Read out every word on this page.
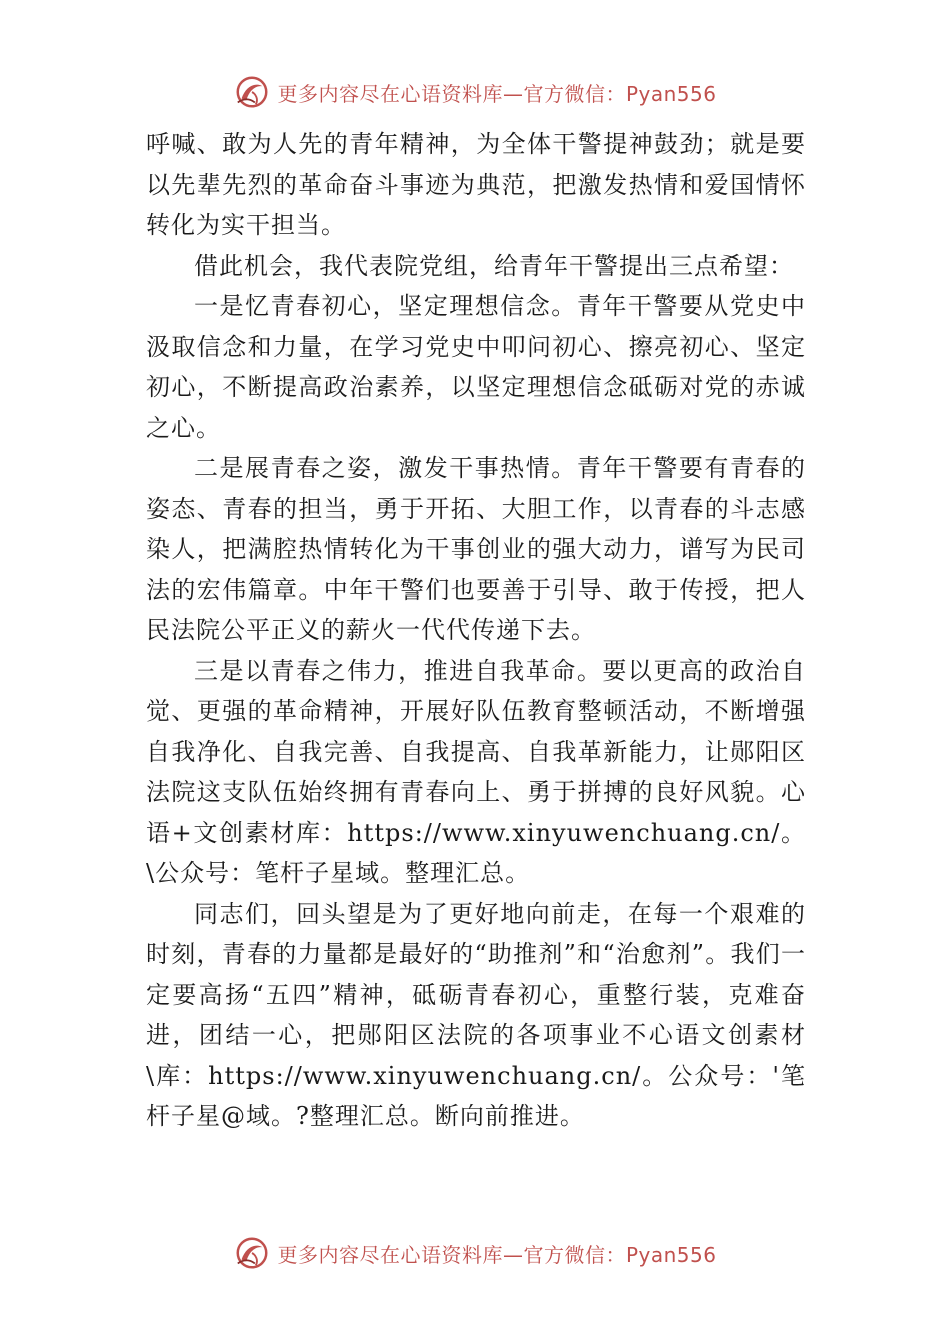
更多内容尽在心语资料库—官方微信：Pyan556

呼喊、敢为人先的青年精神，为全体干警提神鼓劲；就是要以先辈先烈的革命奋斗事迹为典范，把激发热情和爱国情怀转化为实干担当。

借此机会，我代表院党组，给青年干警提出三点希望：

一是忆青春初心，坚定理想信念。青年干警要从党史中汲取信念和力量，在学习党史中叩问初心、擦亮初心、坚定初心，不断提高政治素养，以坚定理想信念砥砺对党的赤诚之心。

二是展青春之姿，激发干事热情。青年干警要有青春的姿态、青春的担当，勇于开拓、大胆工作，以青春的斗志感染人，把满腔热情转化为干事创业的强大动力，谱写为民司法的宏伟篇章。中年干警们也要善于引导、敢于传授，把人民法院公平正义的薪火一代代传递下去。

三是以青春之伟力，推进自我革命。要以更高的政治自觉、更强的革命精神，开展好队伍教育整顿活动，不断增强自我净化、自我完善、自我提高、自我革新能力，让郧阳区法院这支队伍始终拥有青春向上、勇于拼搏的良好风貌。心语+文创素材库：https://www.xinyuwenchuang.cn/。\公众号：笔杆子星域。整理汇总。

同志们，回头望是为了更好地向前走，在每一个艰难的时刻，青春的力量都是最好的“助推剂”和“治愈剂”。我们一定要高扬“五四”精神，砥砺青春初心，重整行装，克难奋进，团结一心，把郧阳区法院的各项事业不心语文创素材\库：https://www.xinyuwenchuang.cn/。公众号：'笔杆子星@域。?整理汇总。断向前推进。

更多内容尽在心语资料库—官方微信：Pyan556
